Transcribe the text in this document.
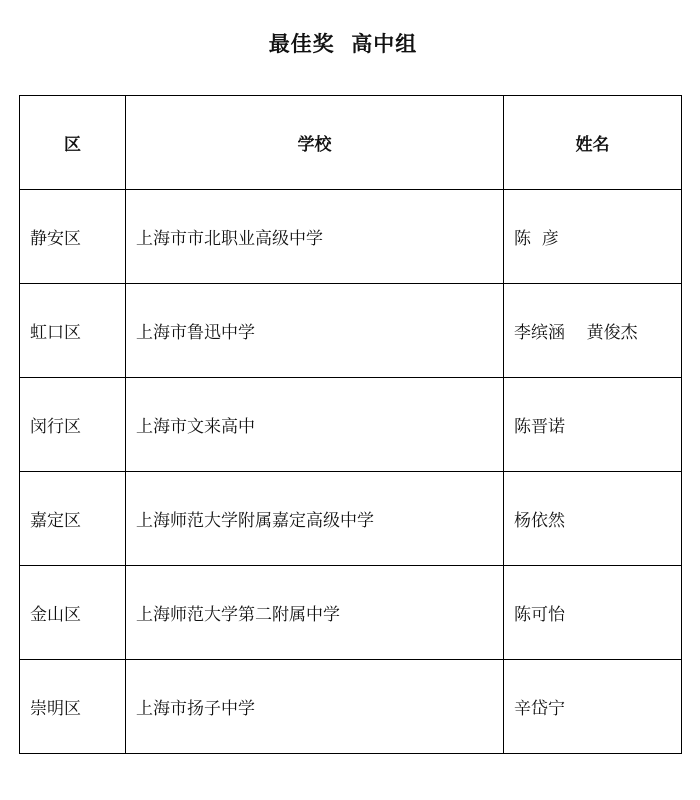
最佳奖  高中组
区	学校	姓名
静安区	上海市市北职业高级中学	陈  彦
虹口区	上海市鲁迅中学	李缤涵    黄俊杰
闵行区	上海市文来高中	陈晋诺
嘉定区	上海师范大学附属嘉定高级中学	杨依然
金山区	上海师范大学第二附属中学	陈可怡
崇明区	上海市扬子中学	辛岱宁
